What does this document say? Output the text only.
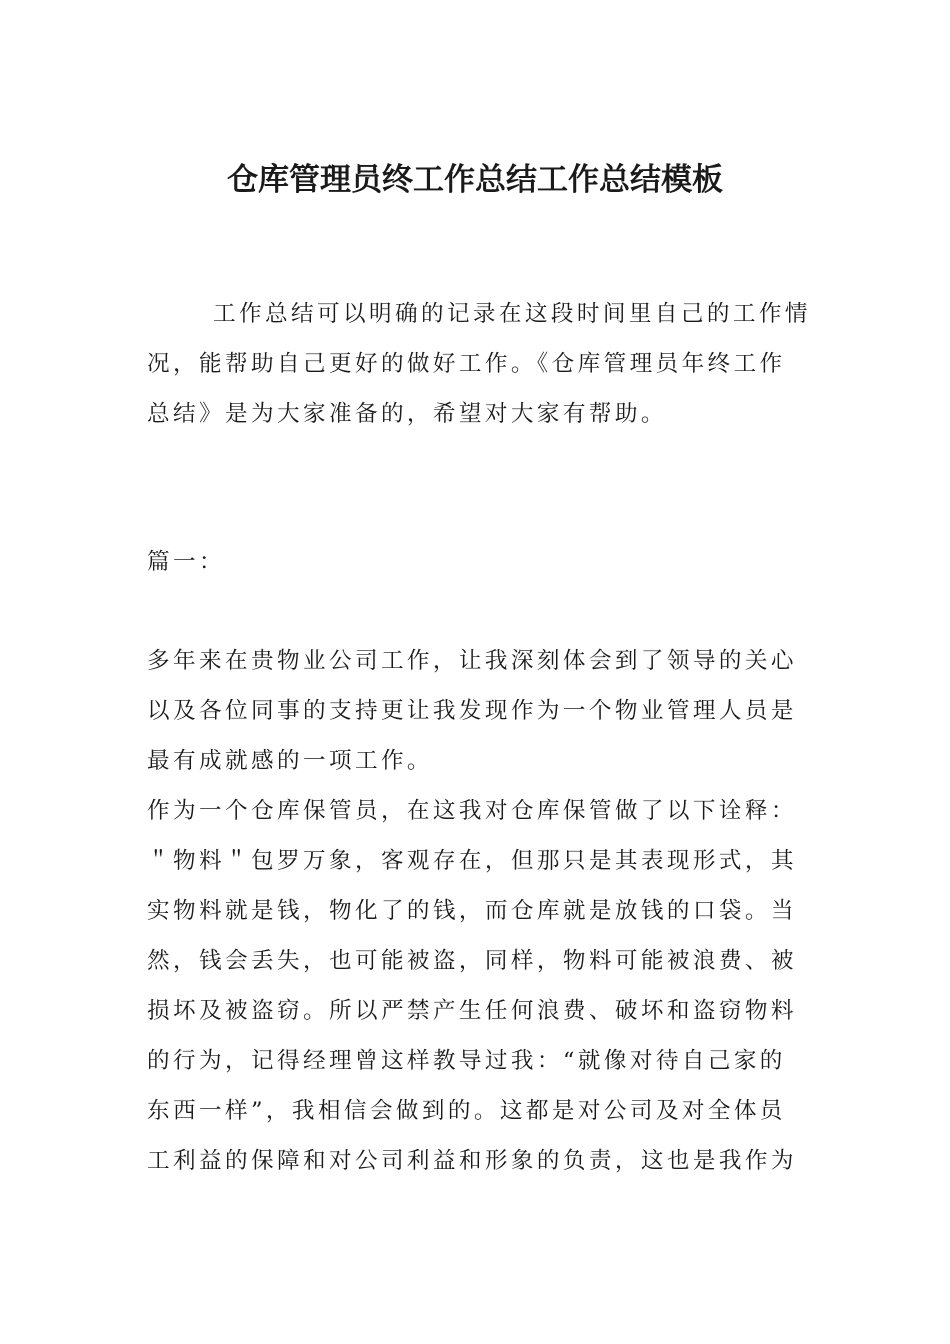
仓库管理员终工作总结工作总结模板
工作总结可以明确的记录在这段时间里自己的工作情
况，能帮助自己更好的做好工作。《仓库管理员年终工作
总结》是为大家准备的，希望对大家有帮助。
篇一：
多年来在贵物业公司工作，让我深刻体会到了领导的关心
以及各位同事的支持更让我发现作为一个物业管理人员是
最有成就感的一项工作。
作为一个仓库保管员，在这我对仓库保管做了以下诠释：
＂物料＂包罗万象，客观存在，但那只是其表现形式，其
实物料就是钱，物化了的钱，而仓库就是放钱的口袋。当
然，钱会丢失，也可能被盗，同样，物料可能被浪费、被
损坏及被盗窃。所以严禁产生任何浪费、破坏和盗窃物料
的行为，记得经理曾这样教导过我：“就像对待自己家的
东西一样”，我相信会做到的。这都是对公司及对全体员
工利益的保障和对公司利益和形象的负责，这也是我作为
